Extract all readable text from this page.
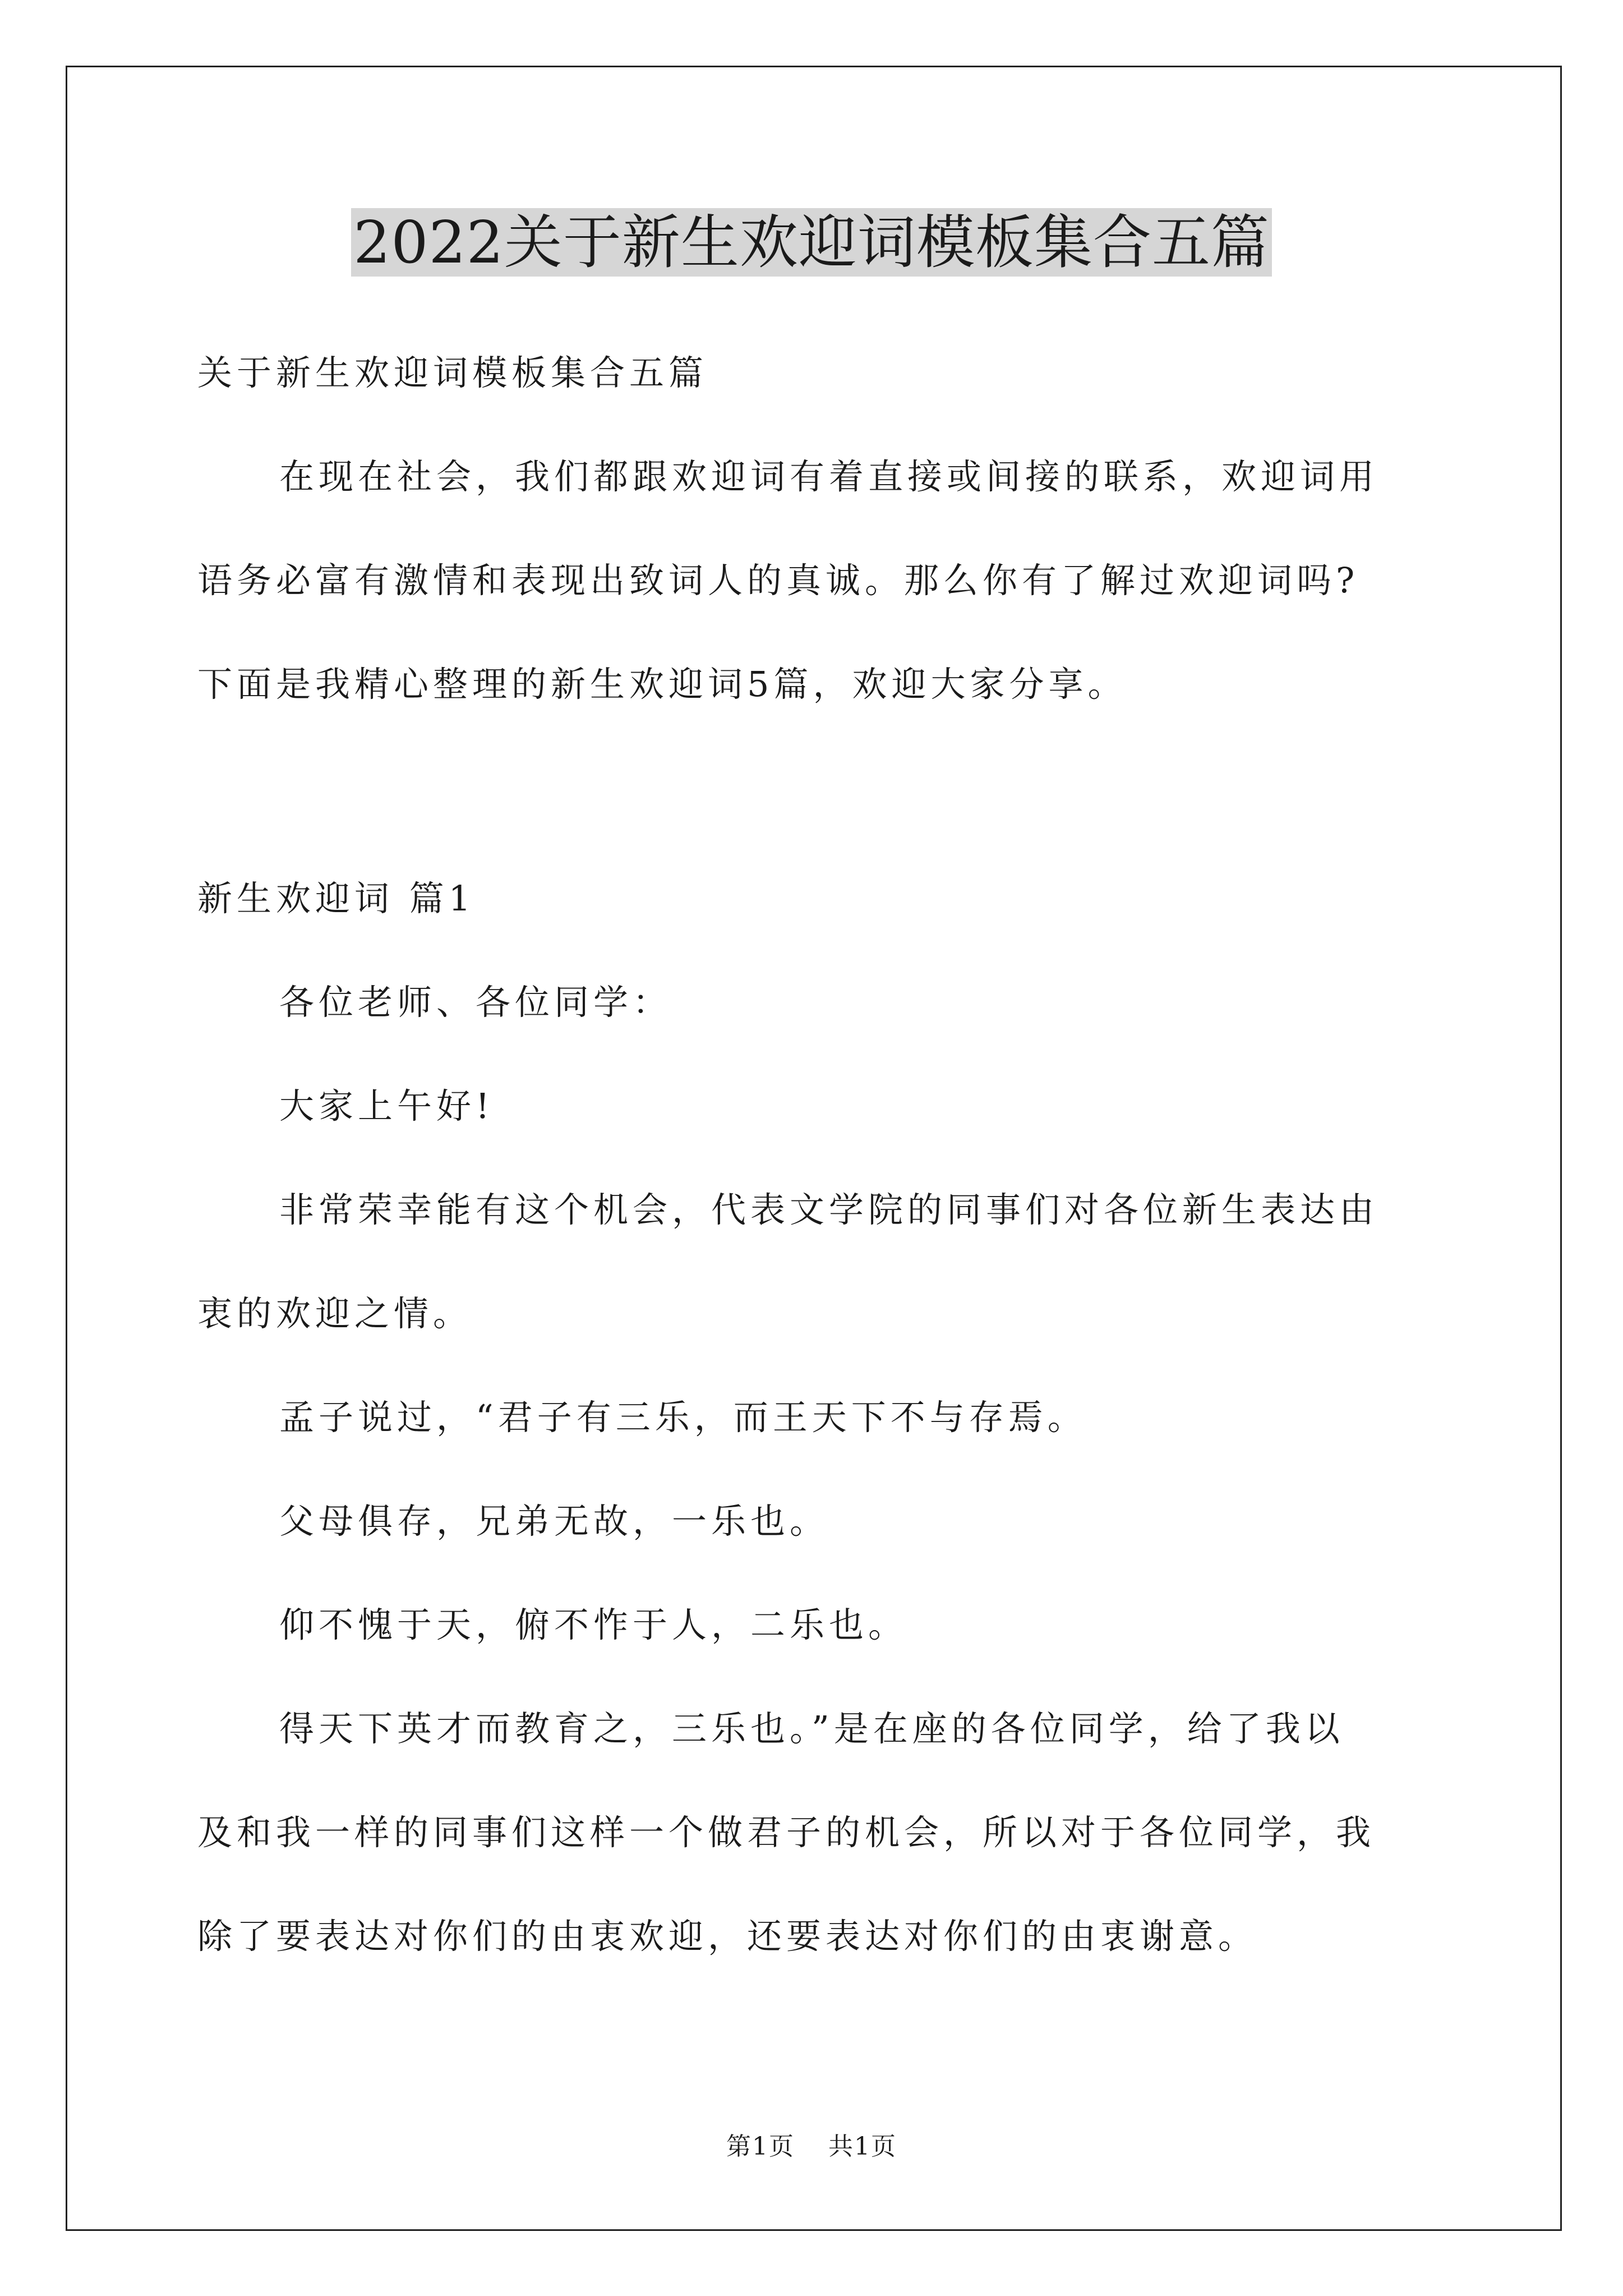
2022关于新生欢迎词模板集合五篇
关于新生欢迎词模板集合五篇
在现在社会，我们都跟欢迎词有着直接或间接的联系，欢迎词用
语务必富有激情和表现出致词人的真诚。那么你有了解过欢迎词吗?
下面是我精心整理的新生欢迎词5篇，欢迎大家分享。
新生欢迎词 篇1
各位老师、各位同学：
大家上午好!
非常荣幸能有这个机会，代表文学院的同事们对各位新生表达由
衷的欢迎之情。
孟子说过，“君子有三乐，而王天下不与存焉。
父母俱存，兄弟无故，一乐也。
仰不愧于天，俯不怍于人，二乐也。
得天下英才而教育之，三乐也。”是在座的各位同学，给了我以
及和我一样的同事们这样一个做君子的机会，所以对于各位同学，我
除了要表达对你们的由衷欢迎，还要表达对你们的由衷谢意。
第1页 共1页
